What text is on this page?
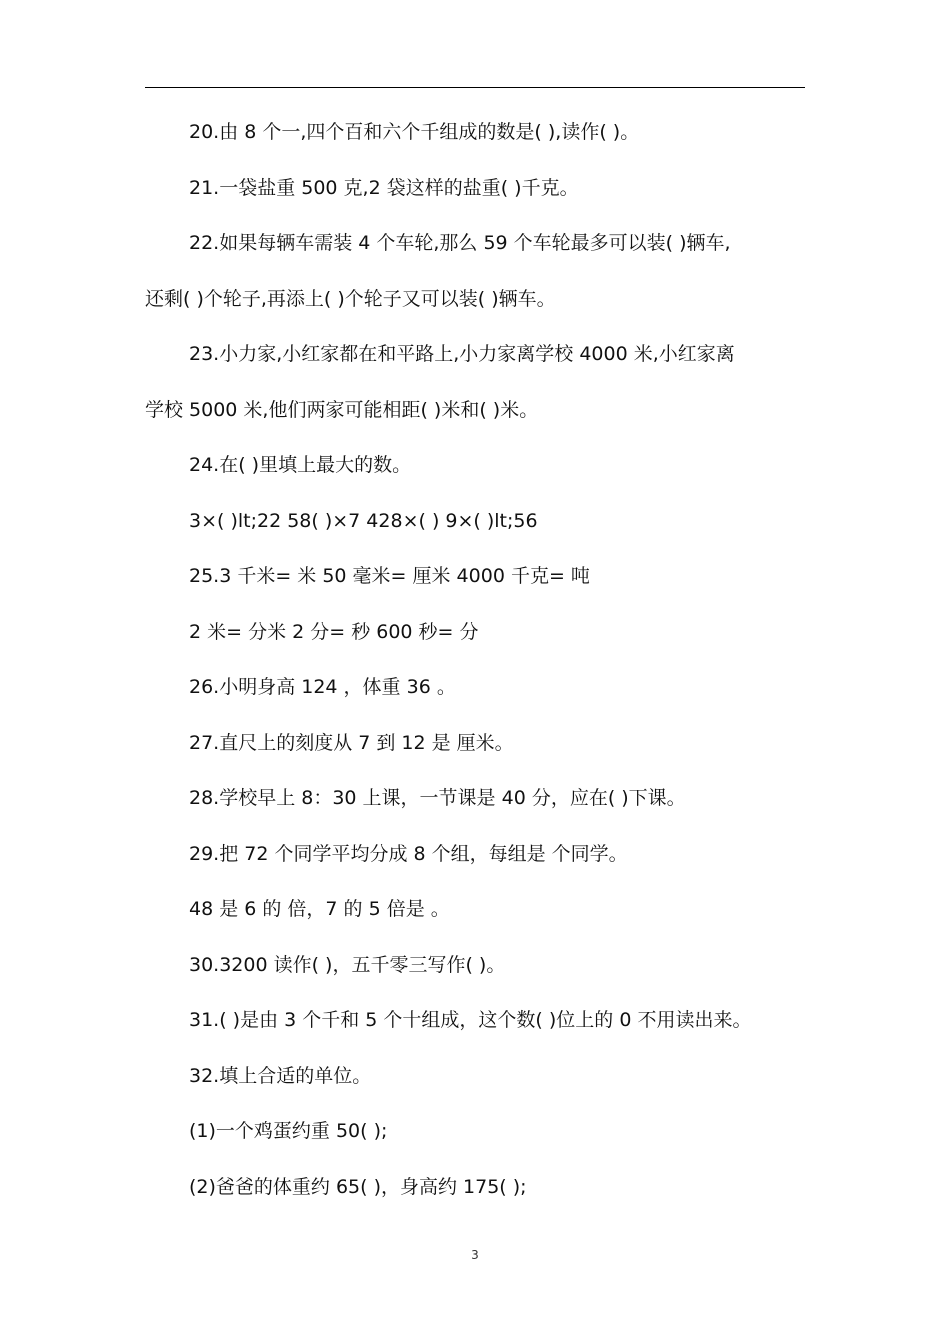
20.由 8 个一,四个百和六个千组成的数是( ),读作( )。

21.一袋盐重 500 克,2 袋这样的盐重( )千克。

22.如果每辆车需装 4 个车轮,那么 59 个车轮最多可以装( )辆车,

还剩( )个轮子,再添上( )个轮子又可以装( )辆车。

23.小力家,小红家都在和平路上,小力家离学校 4000 米,小红家离

学校 5000 米,他们两家可能相距( )米和( )米。

24.在( )里填上最大的数。

3×( )lt;22 58( )×7 428×( ) 9×( )lt;56

25.3 千米= 米 50 毫米= 厘米 4000 千克= 吨

2 米= 分米 2 分= 秒 600 秒= 分

26.小明身高 124 ，体重 36 。

27.直尺上的刻度从 7 到 12 是 厘米。

28.学校早上 8：30 上课，一节课是 40 分，应在( )下课。

29.把 72 个同学平均分成 8 个组，每组是 个同学。

48 是 6 的 倍，7 的 5 倍是 。

30.3200 读作( )，五千零三写作( )。

31.( )是由 3 个千和 5 个十组成，这个数( )位上的 0 不用读出来。

32.填上合适的单位。

(1)一个鸡蛋约重 50( );

(2)爸爸的体重约 65( )，身高约 175( );

3
